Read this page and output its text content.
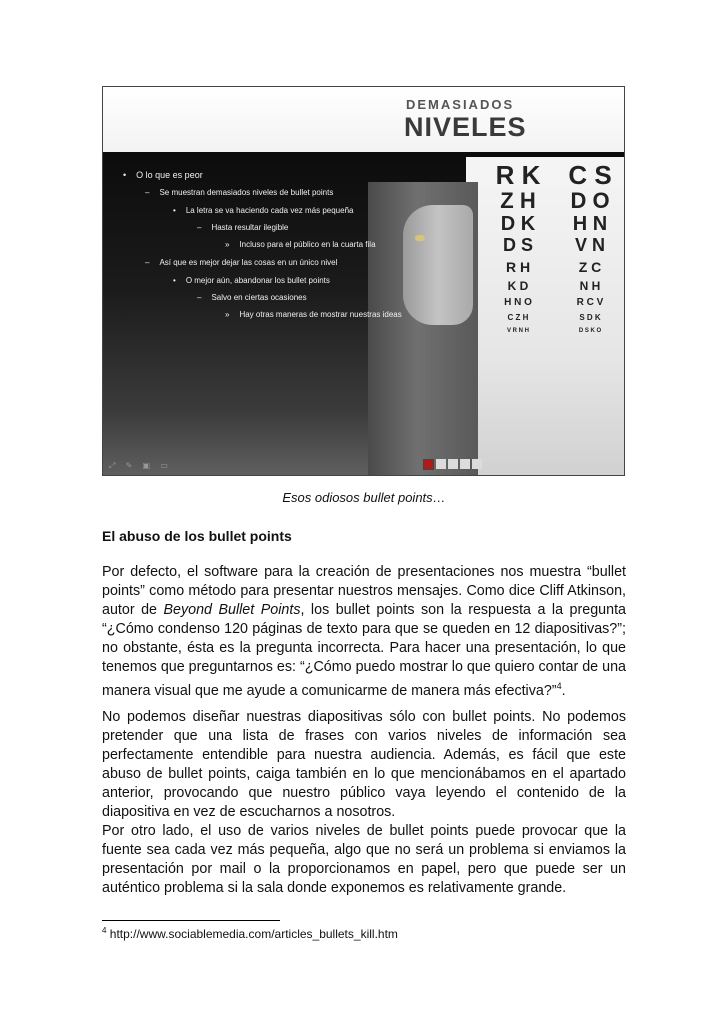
DEMASIADOS
NIVELES
R K	C S
Z H	D O
D K	H N
D S	V N
R H	Z C
K D	N H
H N O	R C V
C Z H	S D K
V R N H	D S K O
• O lo que es peor
– Se muestran demasiados niveles de bullet points
• La letra se va haciendo cada vez más pequeña
– Hasta resultar ilegible
» Incluso para el público en la cuarta fila
– Así que es mejor dejar las cosas en un único nivel
• O mejor aún, abandonar los bullet points
– Salvo en ciertas ocasiones
» Hay otras maneras de mostrar nuestras ideas
⤢ ✎ ▣ ▭
Esos odiosos bullet points…
El abuso de los bullet points
Por defecto, el software para la creación de presentaciones nos muestra “bullet points” como método para presentar nuestros mensajes. Como dice Cliff Atkinson, autor de Beyond Bullet Points, los bullet points son la respuesta a la pregunta “¿Cómo condenso 120 páginas de texto para que se queden en 12 diapositivas?”; no obstante, ésta es la pregunta incorrecta. Para hacer una presentación, lo que tenemos que preguntarnos es: “¿Cómo puedo mostrar lo que quiero contar de una manera visual que me ayude a comunicarme de manera más efectiva?”$^4$.
No podemos diseñar nuestras diapositivas sólo con bullet points. No podemos pretender que una lista de frases con varios niveles de información sea perfectamente entendible para nuestra audiencia. Además, es fácil que este abuso de bullet points, caiga también en lo que mencionábamos en el apartado anterior, provocando que nuestro público vaya leyendo el contenido de la diapositiva en vez de escucharnos a nosotros.
Por otro lado, el uso de varios niveles de bullet points puede provocar que la fuente sea cada vez más pequeña, algo que no será un problema si enviamos la presentación por mail o la proporcionamos en papel, pero que puede ser un auténtico problema si la sala donde exponemos es relativamente grande.
$^4$ http://www.sociablemedia.com/articles_bullets_kill.htm
